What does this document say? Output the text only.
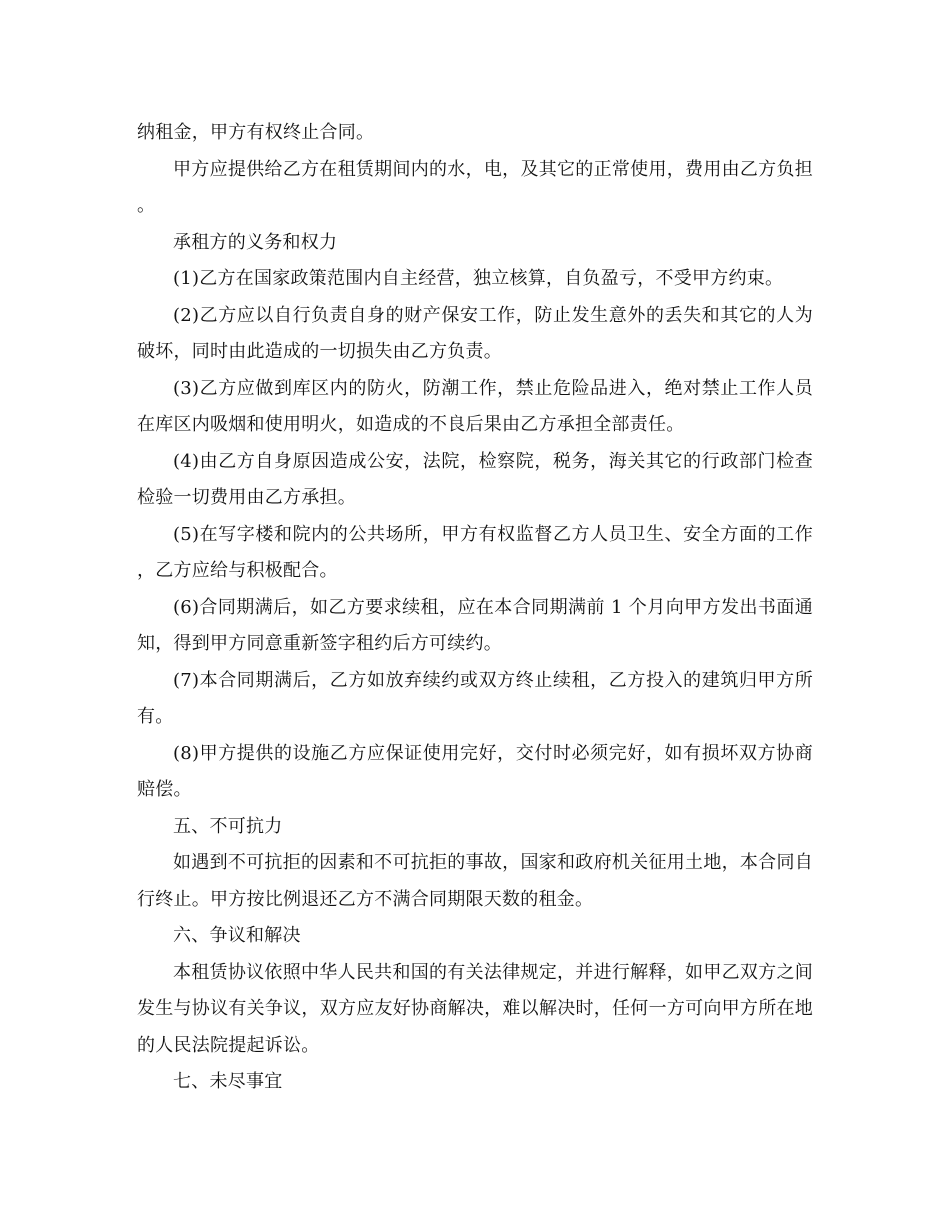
纳租金，甲方有权终止合同。

甲方应提供给乙方在租赁期间内的水，电，及其它的正常使用，费用由乙方负担。

承租方的义务和权力

(1)乙方在国家政策范围内自主经营，独立核算，自负盈亏，不受甲方约束。

(2)乙方应以自行负责自身的财产保安工作，防止发生意外的丢失和其它的人为破坏，同时由此造成的一切损失由乙方负责。

(3)乙方应做到库区内的防火，防潮工作，禁止危险品进入，绝对禁止工作人员在库区内吸烟和使用明火，如造成的不良后果由乙方承担全部责任。

(4)由乙方自身原因造成公安，法院，检察院，税务，海关其它的行政部门检查检验一切费用由乙方承担。

(5)在写字楼和院内的公共场所，甲方有权监督乙方人员卫生、安全方面的工作，乙方应给与积极配合。

(6)合同期满后，如乙方要求续租，应在本合同期满前 1 个月向甲方发出书面通知，得到甲方同意重新签字租约后方可续约。

(7)本合同期满后，乙方如放弃续约或双方终止续租，乙方投入的建筑归甲方所有。

(8)甲方提供的设施乙方应保证使用完好，交付时必须完好，如有损坏双方协商赔偿。

五、不可抗力

如遇到不可抗拒的因素和不可抗拒的事故，国家和政府机关征用土地，本合同自行终止。甲方按比例退还乙方不满合同期限天数的租金。

六、争议和解决

本租赁协议依照中华人民共和国的有关法律规定，并进行解释，如甲乙双方之间发生与协议有关争议，双方应友好协商解决，难以解决时，任何一方可向甲方所在地的人民法院提起诉讼。

七、未尽事宜
